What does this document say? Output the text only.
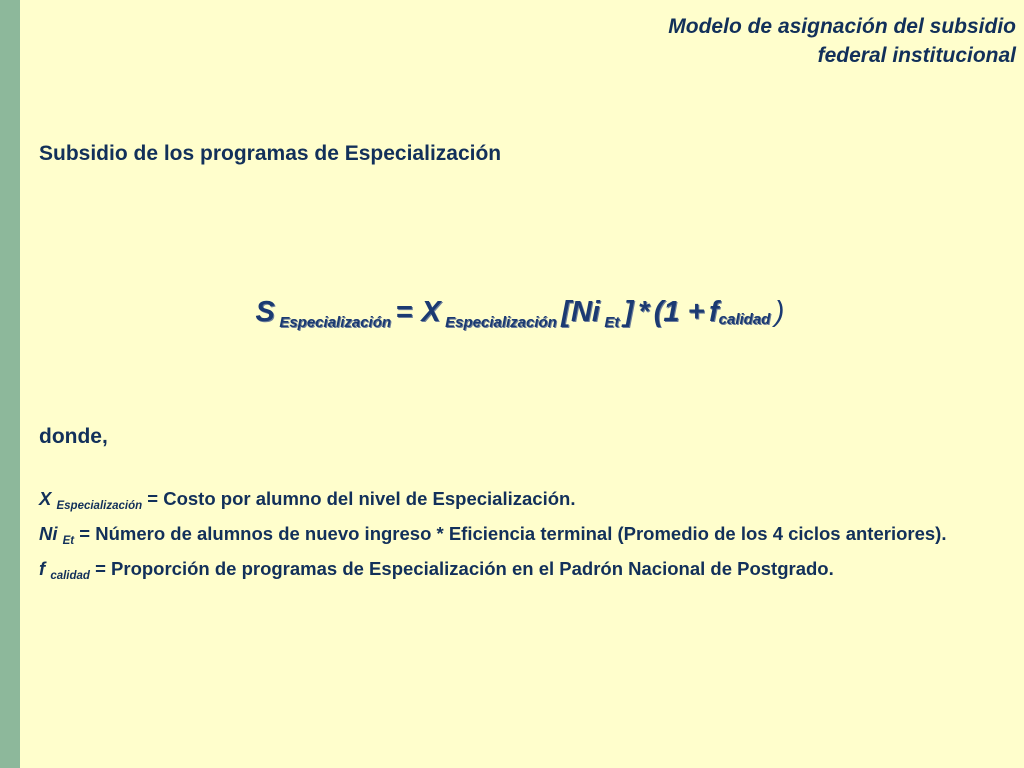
Modelo de asignación del subsidio
federal institucional
Subsidio de los programas de Especialización
S Especialización = X Especialización [Ni Et ] * (1 + fcalidad )
donde,
X $_{Especialización}$ = Costo por alumno del nivel de Especialización.
Ni $_{Et}$ = Número de alumnos de nuevo ingreso * Eficiencia terminal (Promedio de los 4 ciclos anteriores).
f $_{calidad}$ = Proporción de programas de Especialización en el Padrón Nacional de Postgrado.
